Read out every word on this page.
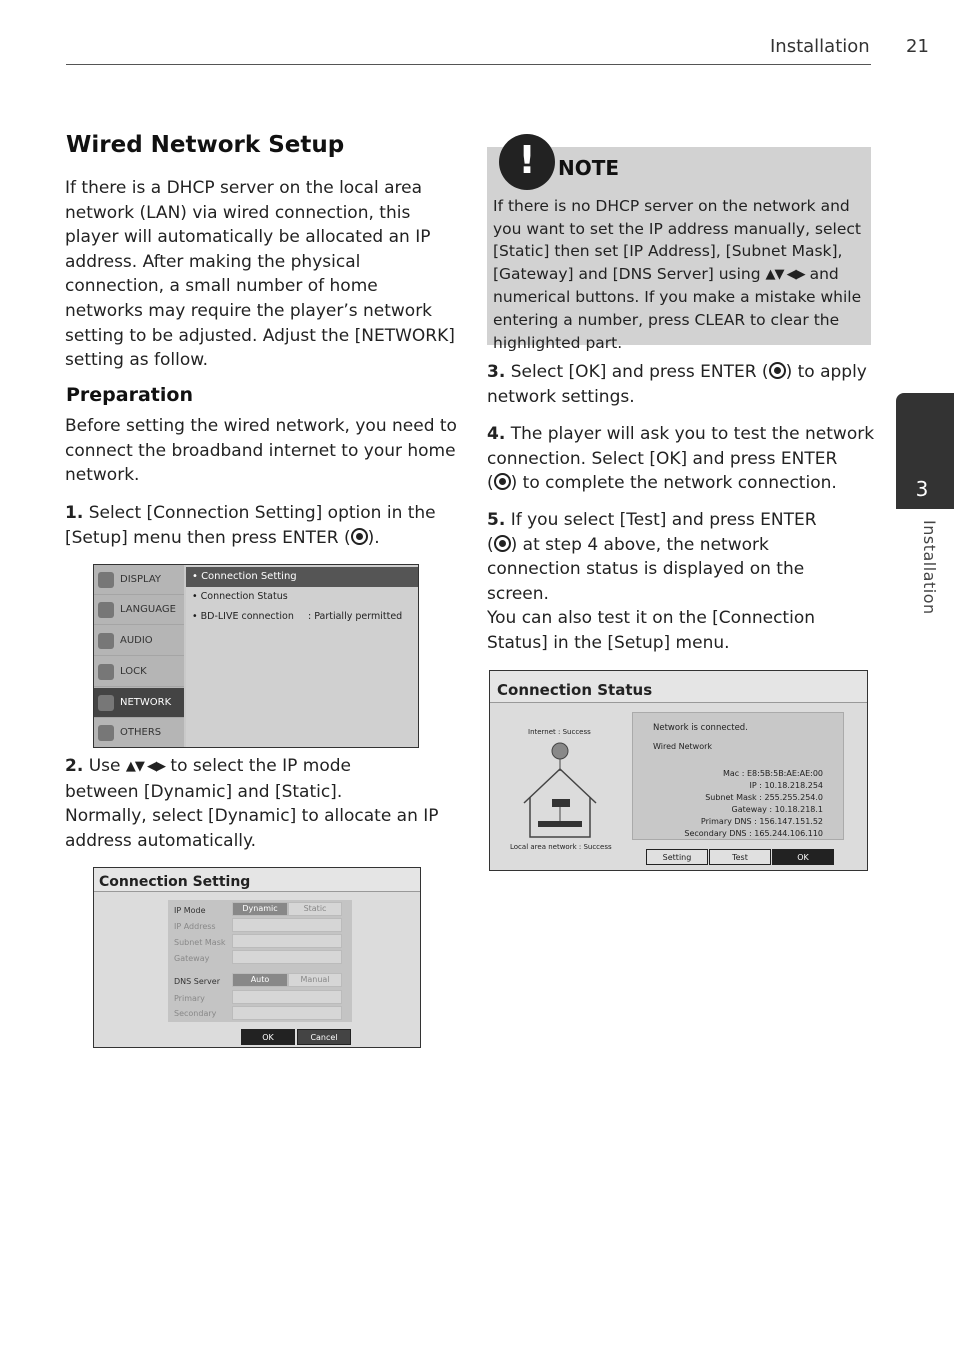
Installation 21
3
Installation
Wired Network Setup

If there is a DHCP server on the local area network (LAN) via wired connection, this player will automatically be allocated an IP address. After making the physical connection, a small number of home networks may require the player’s network setting to be adjusted. Adjust the [NETWORK] setting as follow.

Preparation

Before setting the wired network, you need to connect the broadband internet to your home network.

1. Select [Connection Setting] option in the
[Setup] menu then press ENTER ( ).
DISPLAY
LANGUAGE
AUDIO
LOCK
NETWORK
OTHERS
• Connection Setting
• Connection Status
• BD-LIVE connection : Partially permitted
2. Use ▲▼ ◀▶ to select the IP mode
between [Dynamic] and [Static].
Normally, select [Dynamic] to allocate an IP
address automatically.
Connection Setting
IP Mode	Dynamic	Static
IP Address
Subnet Mask
Gateway
DNS Server	Auto	Manual
Primary
Secondary
OK	Cancel
!	NOTE

If there is no DHCP server on the network and you want to set the IP address manually, select [Static] then set [IP Address], [Subnet Mask], [Gateway] and [DNS Server] using ▲▼ ◀▶ and numerical buttons. If you make a mistake while entering a number, press CLEAR to clear the highlighted part.

3. Select [OK] and press ENTER ( ) to apply
network settings.
4. The player will ask you to test the network
connection. Select [OK] and press ENTER
( ) to complete the network connection.
5. If you select [Test] and press ENTER
( ) at step 4 above, the network
connection status is displayed on the
screen.
You can also test it on the [Connection
Status] in the [Setup] menu.
Connection Status
Internet : Success
Local area network : Success
Network is connected.
Wired Network
Mac : E8:5B:5B:AE:AE:00
IP : 10.18.218.254
Subnet Mask : 255.255.254.0
Gateway : 10.18.218.1
Primary DNS : 156.147.151.52
Secondary DNS : 165.244.106.110
Setting	Test	OK
